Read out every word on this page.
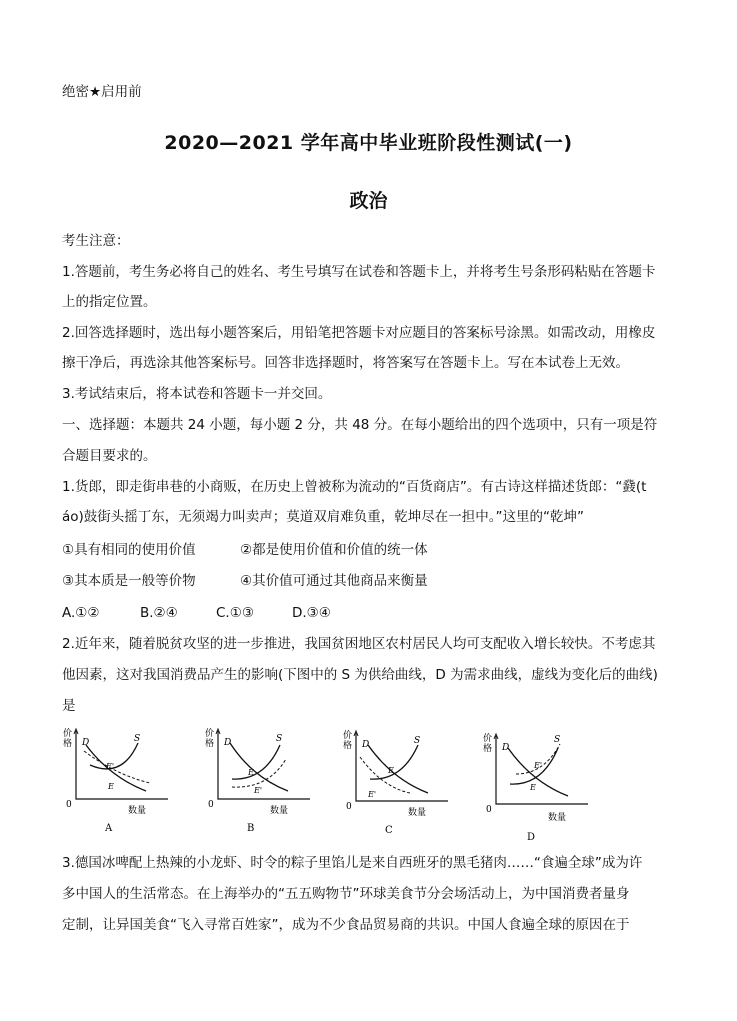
绝密★启用前
2020—2021 学年高中毕业班阶段性测试(一)
政治
考生注意：
1.答题前，考生务必将自己的姓名、考生号填写在试卷和答题卡上，并将考生号条形码粘贴在答题卡
上的指定位置。
2.回答选择题时，选出每小题答案后，用铅笔把答题卡对应题目的答案标号涂黑。如需改动，用橡皮
擦干净后，再选涂其他答案标号。回答非选择题时，将答案写在答题卡上。写在本试卷上无效。
3.考试结束后，将本试卷和答题卡一并交回。
一、选择题：本题共 24 小题，每小题 2 分，共 48 分。在每小题给出的四个选项中，只有一项是符
合题目要求的。
1.货郎，即走街串巷的小商贩，在历史上曾被称为流动的“百货商店”。有古诗这样描述货郎：“鼗(t
áo)鼓街头摇丁东，无须竭力叫卖声；莫道双肩难负重，乾坤尽在一担中。”这里的“乾坤”
①具有相同的使用价值	②都是使用价值和价值的统一体
③其本质是一般等价物	④其价值可通过其他商品来衡量
A.①②	B.②④	C.①③	D.③④
2.近年来，随着脱贫攻坚的进一步推进，我国贫困地区农村居民人均可支配收入增长较快。不考虑其
他因素，这对我国消费品产生的影响(下图中的 S 为供给曲线，D 为需求曲线，虚线为变化后的曲线)
是
价
格
0
数量
D	S
E'
E
A
价
格
0
数量
D	S
E
E'
B
价
格
0
数量
D	S
E
E'
C
价
格
0
数量
D
S
E'
E
D
3.德国冰啤配上热辣的小龙虾、时令的粽子里馅儿是来自西班牙的黑毛猪肉……“食遍全球”成为许
多中国人的生活常态。在上海举办的“五五购物节”环球美食节分会场活动上，为中国消费者量身
定制，让异国美食“飞入寻常百姓家”，成为不少食品贸易商的共识。中国人食遍全球的原因在于
